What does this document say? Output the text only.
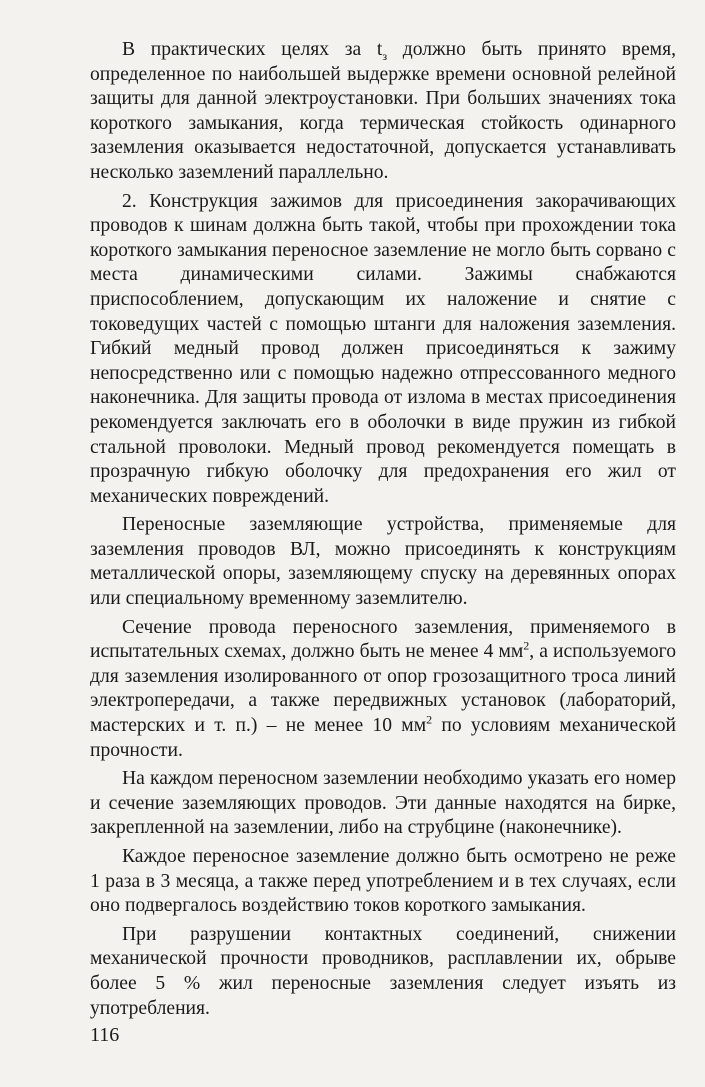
В практических целях за $t_з$ должно быть принято время, определенное по наибольшей выдержке времени основной релейной защиты для данной электроустановки. При больших значениях тока короткого замыкания, когда термическая стойкость одинарного заземления оказывается недостаточной, допускается устанавливать несколько заземлений параллельно.

2. Конструкция зажимов для присоединения закорачивающих проводов к шинам должна быть такой, чтобы при прохождении тока короткого замыкания переносное заземление не могло быть сорвано с места динамическими силами. Зажимы снабжаются приспособлением, допускающим их наложение и снятие с токоведущих частей с помощью штанги для наложения заземления. Гибкий медный провод должен присоединяться к зажиму непосредственно или с помощью надежно отпрессованного медного наконечника. Для защиты провода от излома в местах присоединения рекомендуется заключать его в оболочки в виде пружин из гибкой стальной проволоки. Медный провод рекомендуется помещать в прозрачную гибкую оболочку для предохранения его жил от механических повреждений.

Переносные заземляющие устройства, применяемые для заземления проводов ВЛ, можно присоединять к конструкциям металлической опоры, заземляющему спуску на деревянных опорах или специальному временному заземлителю.

Сечение провода переносного заземления, применяемого в испытательных схемах, должно быть не менее 4 $мм^2$, а используемого для заземления изолированного от опор грозозащитного троса линий электропередачи, а также передвижных установок (лабораторий, мастерских и т. п.) – не менее 10 $мм^2$ по условиям механической прочности.

На каждом переносном заземлении необходимо указать его номер и сечение заземляющих проводов. Эти данные находятся на бирке, закрепленной на заземлении, либо на струбцине (наконечнике).

Каждое переносное заземление должно быть осмотрено не реже 1 раза в 3 месяца, а также перед употреблением и в тех случаях, если оно подвергалось воздействию токов короткого замыкания.

При разрушении контактных соединений, снижении механической прочности проводников, расплавлении их, обрыве более 5 % жил переносные заземления следует изъять из употребления.

116
